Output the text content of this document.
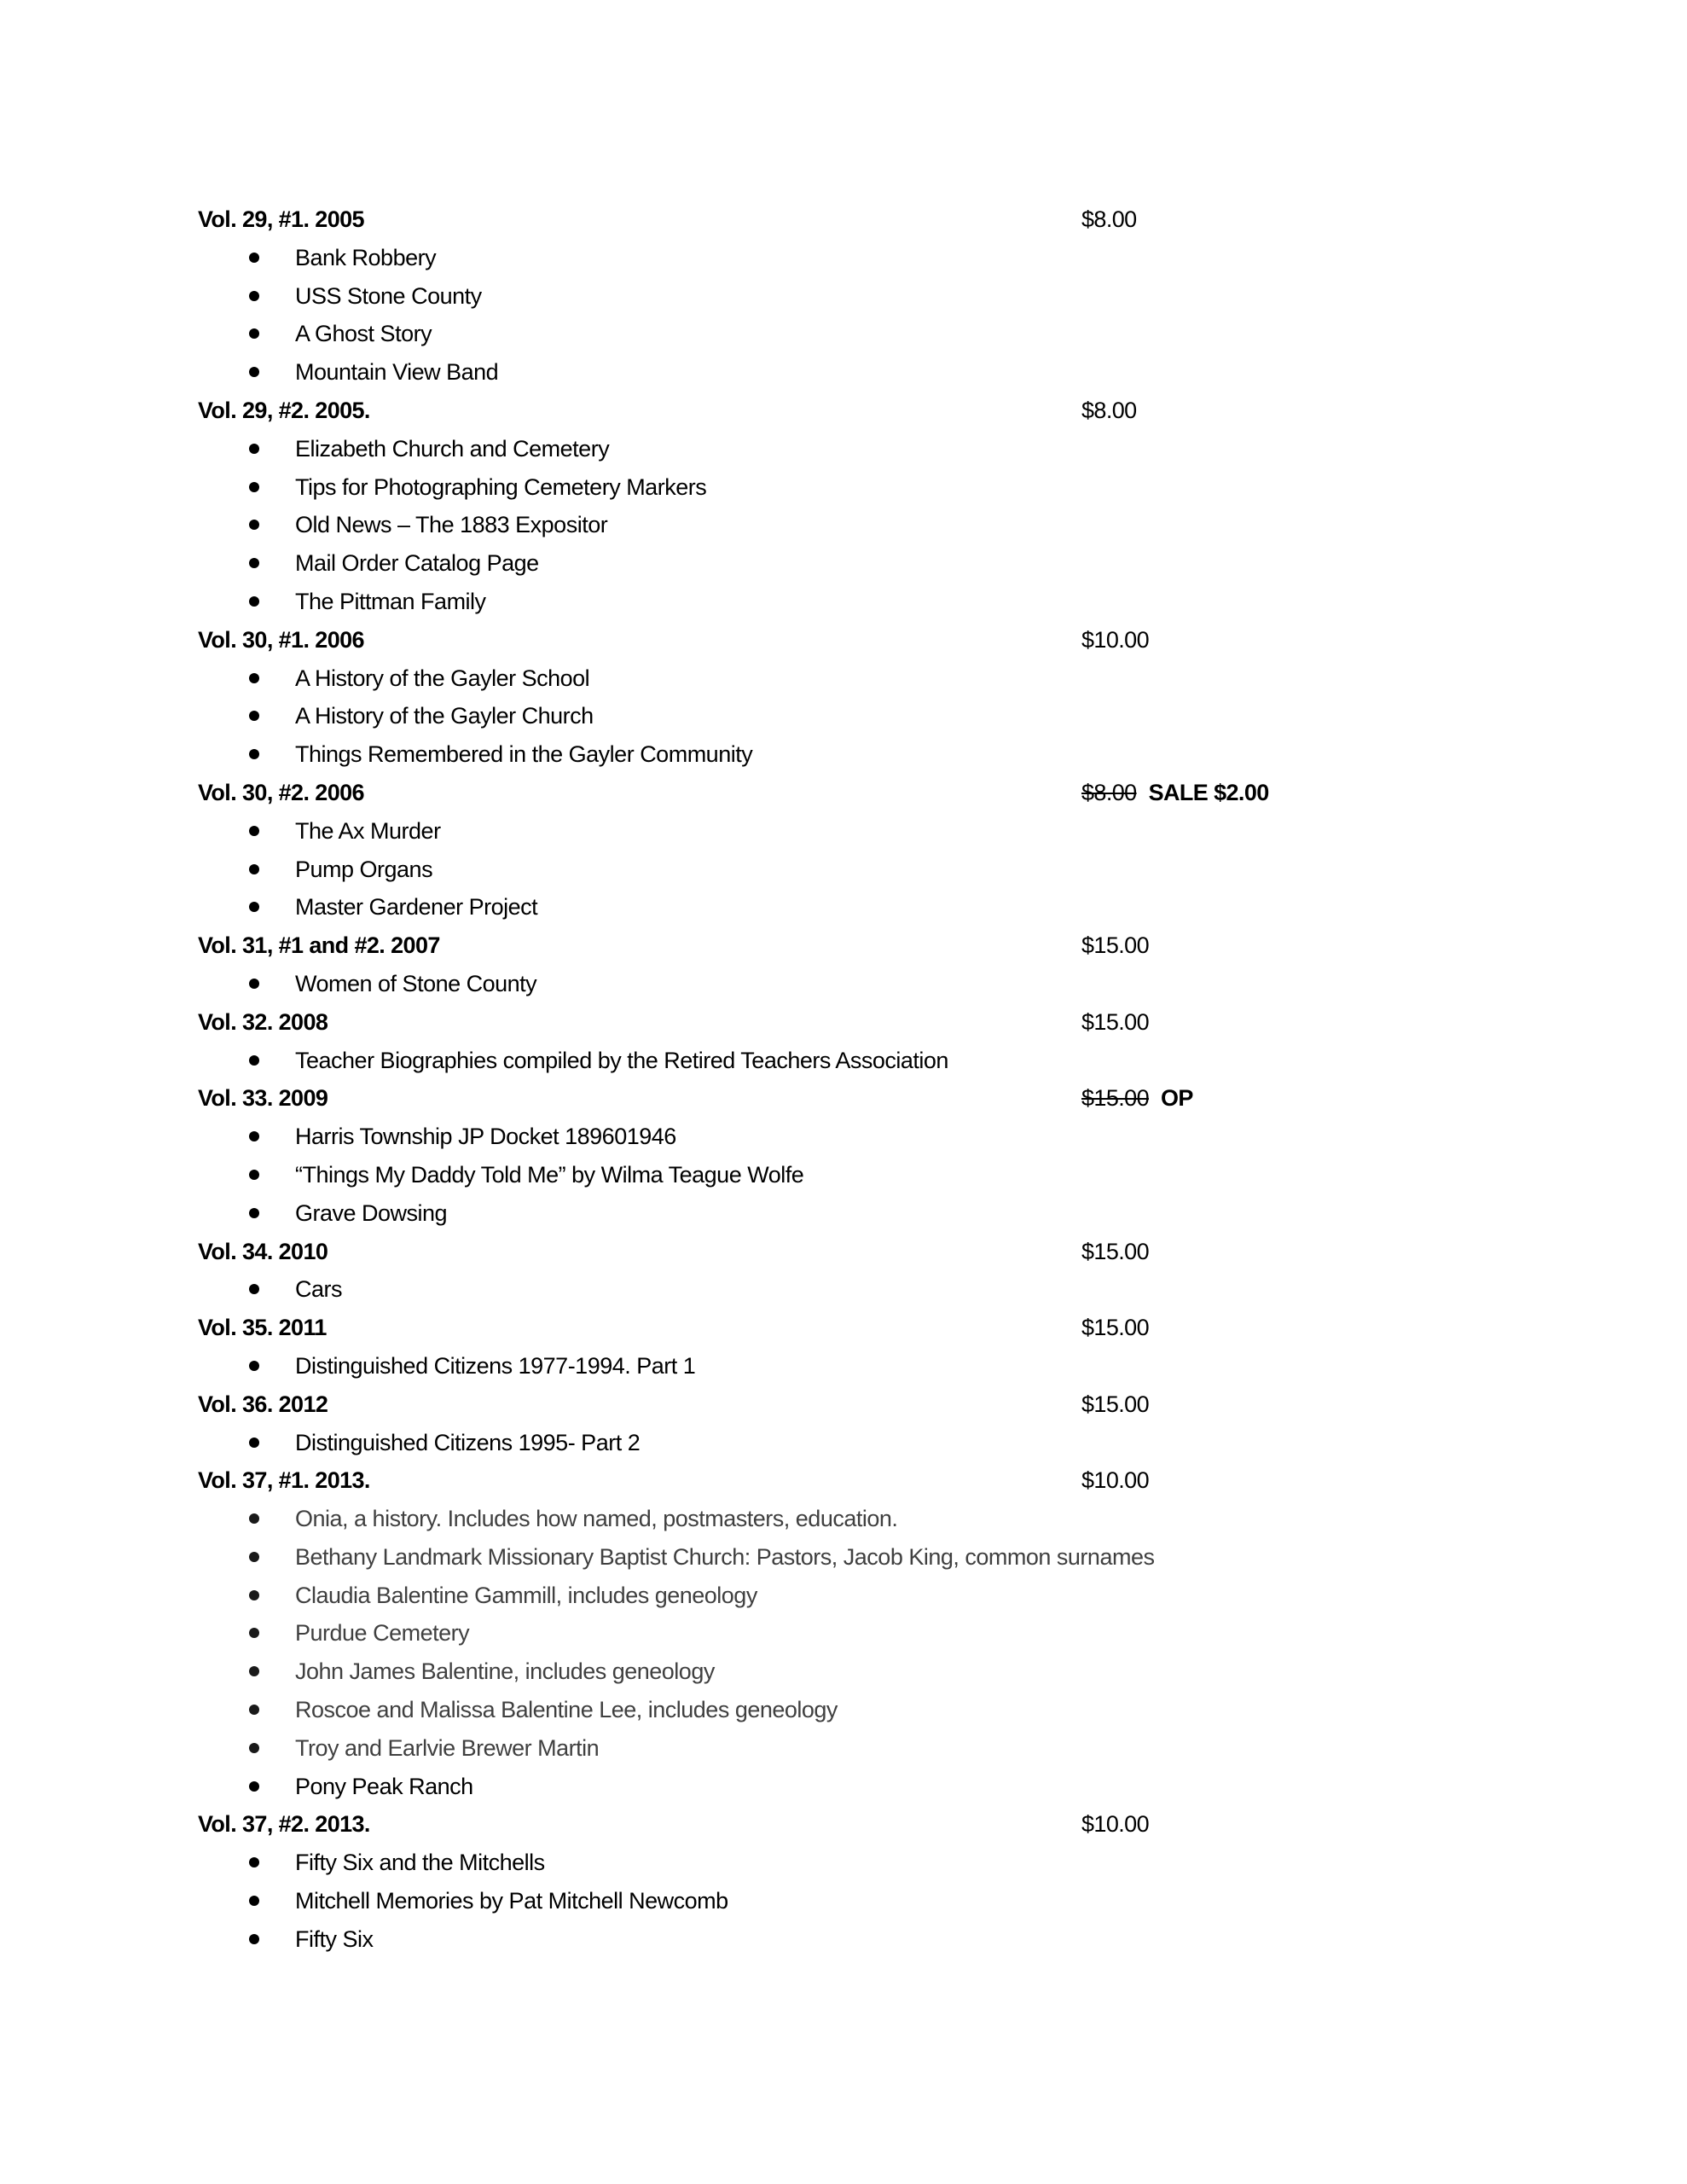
Vol. 29, #1. 2005	$8.00
Bank Robbery
USS Stone County
A Ghost Story
Mountain View Band
Vol. 29, #2. 2005.	$8.00
Elizabeth Church and Cemetery
Tips for Photographing Cemetery Markers
Old News – The 1883 Expositor
Mail Order Catalog Page
The Pittman Family
Vol. 30, #1. 2006	$10.00
A History of the Gayler School
A History of the Gayler Church
Things Remembered in the Gayler Community
Vol. 30, #2. 2006	$8.00 SALE $2.00
The Ax Murder
Pump Organs
Master Gardener Project
Vol. 31, #1 and #2. 2007	$15.00
Women of Stone County
Vol. 32. 2008	$15.00
Teacher Biographies compiled by the Retired Teachers Association
Vol. 33. 2009	$15.00 OP
Harris Township JP Docket 189601946
“Things My Daddy Told Me” by Wilma Teague Wolfe
Grave Dowsing
Vol. 34. 2010	$15.00
Cars
Vol. 35. 2011	$15.00
Distinguished Citizens 1977-1994. Part 1
Vol. 36. 2012	$15.00
Distinguished Citizens 1995- Part 2
Vol. 37, #1. 2013.	$10.00
Onia, a history. Includes how named, postmasters, education.
Bethany Landmark Missionary Baptist Church: Pastors, Jacob King, common surnames
Claudia Balentine Gammill, includes geneology
Purdue Cemetery
John James Balentine, includes geneology
Roscoe and Malissa Balentine Lee, includes geneology
Troy and Earlvie Brewer Martin
Pony Peak Ranch
Vol. 37, #2. 2013.	$10.00
Fifty Six and the Mitchells
Mitchell Memories by Pat Mitchell Newcomb
Fifty Six
